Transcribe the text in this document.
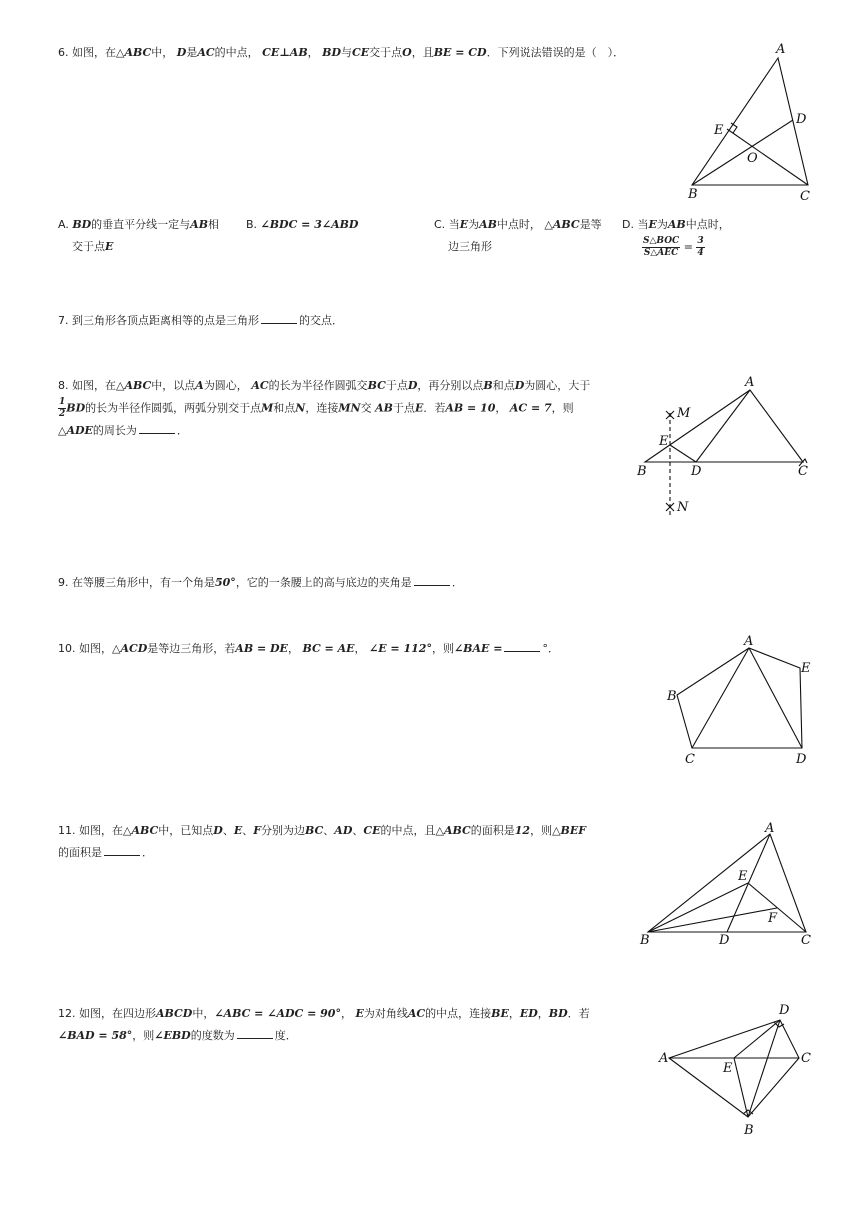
6. 如图，在△ABC中， D是AC的中点， CE⊥AB， BD与CE交于点O，且BE = CD．下列说法错误的是（　）．	A
B	C
D
E
O
A. BD的垂直平分线一定与AB相
交于点E
B. ∠BDC = 3∠ABD	C. 当E为AB中点时， △ABC是等
边三角形
D. 当E为AB中点时，

$\frac{\text{S△BOC}}{\text{S△AEC}} = \frac{3}{4}$
7. 到三角形各顶点距离相等的点是三角形	的交点．
8. 如图，在△ABC中，以点A为圆心， AC的长为半径作圆弧交BC于点D，再分别以点B和点D为圆心，大于

$\frac{1}{2}$ BD的长为半径作圆弧，两弧分别交于点M和点N，连接MN交 AB于点E．若AB = 10， AC = 7，则
△ADE的周长为	．
A
B	C
D
E
M
N
9. 在等腰三角形中，有一个角是50°，它的一条腰上的高与底边的夹角是	．
10. 如图，△ACD是等边三角形，若AB = DE， BC = AE， ∠E = 112°，则∠BAE =	°．	A
B
C	D
E
11. 如图，在△ABC中，已知点D、E、F分别为边BC、AD、CE的中点，且△ABC的面积是12，则△BEF
的面积是	．
A
B	C
D
E
F
12. 如图，在四边形ABCD中，∠ABC = ∠ADC = 90°， E为对角线AC的中点，连接BE，ED，BD．若
∠BAD = 58°，则∠EBD的度数为	度．
A
B
C
D
E
